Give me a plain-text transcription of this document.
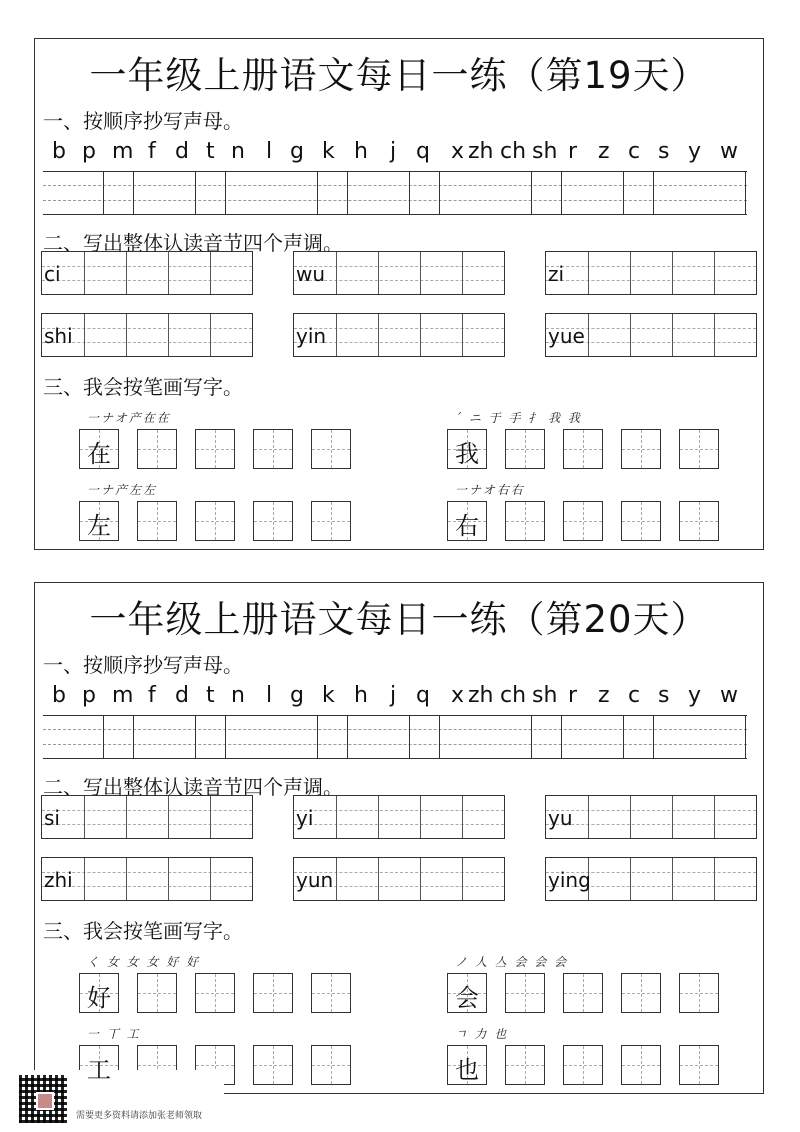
一年级上册语文每日一练（第19天）
一、按顺序抄写声母。
b p m f d t n l g k h j q x zh ch sh r z c s y w
二、写出整体认读音节四个声调。
ci	wu	zi
shi	yin	yue
三、我会按笔画写字。
一ナオ产在在
在
´ ニ 于 手 扌 我 我
我
一ナ产左左
左
一ナオ右右
右
一年级上册语文每日一练（第20天）
一、按顺序抄写声母。
b p m f d t n l g k h j q x zh ch sh r z c s y w
二、写出整体认读音节四个声调。
si	yi	yu
zhi	yun	ying
三、我会按笔画写字。
く 女 女 女 好 好
好
ノ 人 亼 会 会 会
会
一 丅 工
工
ㄱ 力 也
也
需要更多资料请添加张老师领取
